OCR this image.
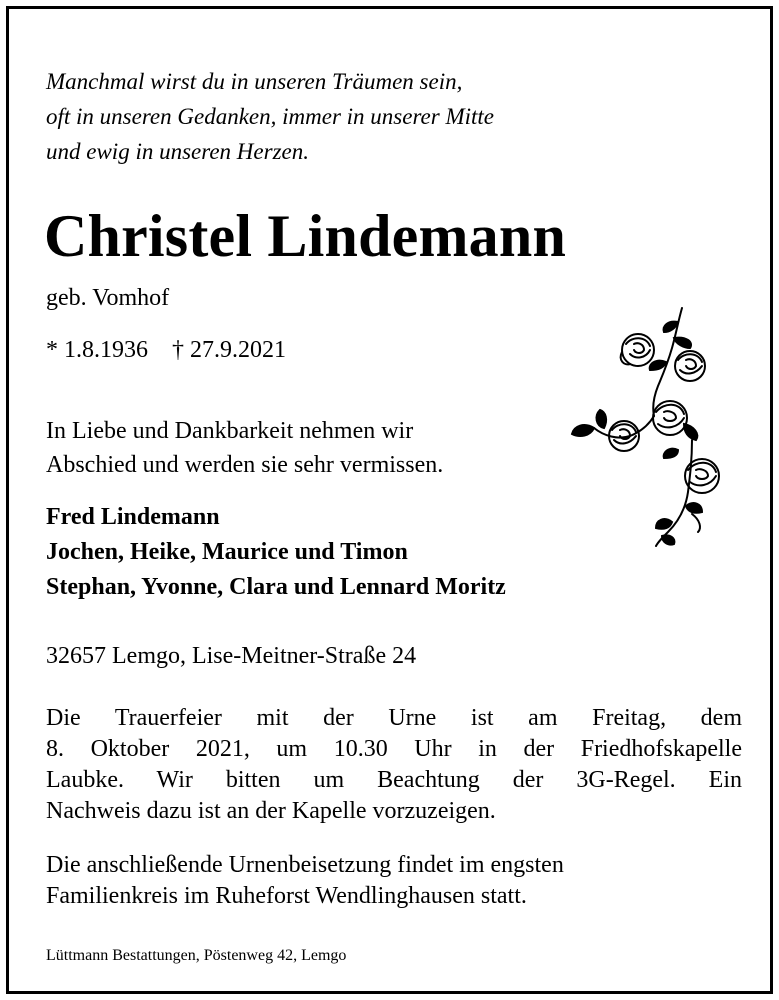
Manchmal wirst du in unseren Träumen sein,
oft in unseren Gedanken, immer in unserer Mitte
und ewig in unseren Herzen.
Christel Lindemann
geb. Vomhof
* 1.8.1936 † 27.9.2021
In Liebe und Dankbarkeit nehmen wir
Abschied und werden sie sehr vermissen.
Fred Lindemann
Jochen, Heike, Maurice und Timon
Stephan, Yvonne, Clara und Lennard Moritz
32657 Lemgo, Lise-Meitner-Straße 24
Die Trauerfeier mit der Urne ist am Freitag, dem
8. Oktober 2021, um 10.30 Uhr in der Friedhofskapelle
Laubke. Wir bitten um Beachtung der 3G-Regel. Ein
Nachweis dazu ist an der Kapelle vorzuzeigen.
Die anschließende Urnenbeisetzung findet im engsten
Familienkreis im Ruheforst Wendlinghausen statt.
Lüttmann Bestattungen, Pöstenweg 42, Lemgo
